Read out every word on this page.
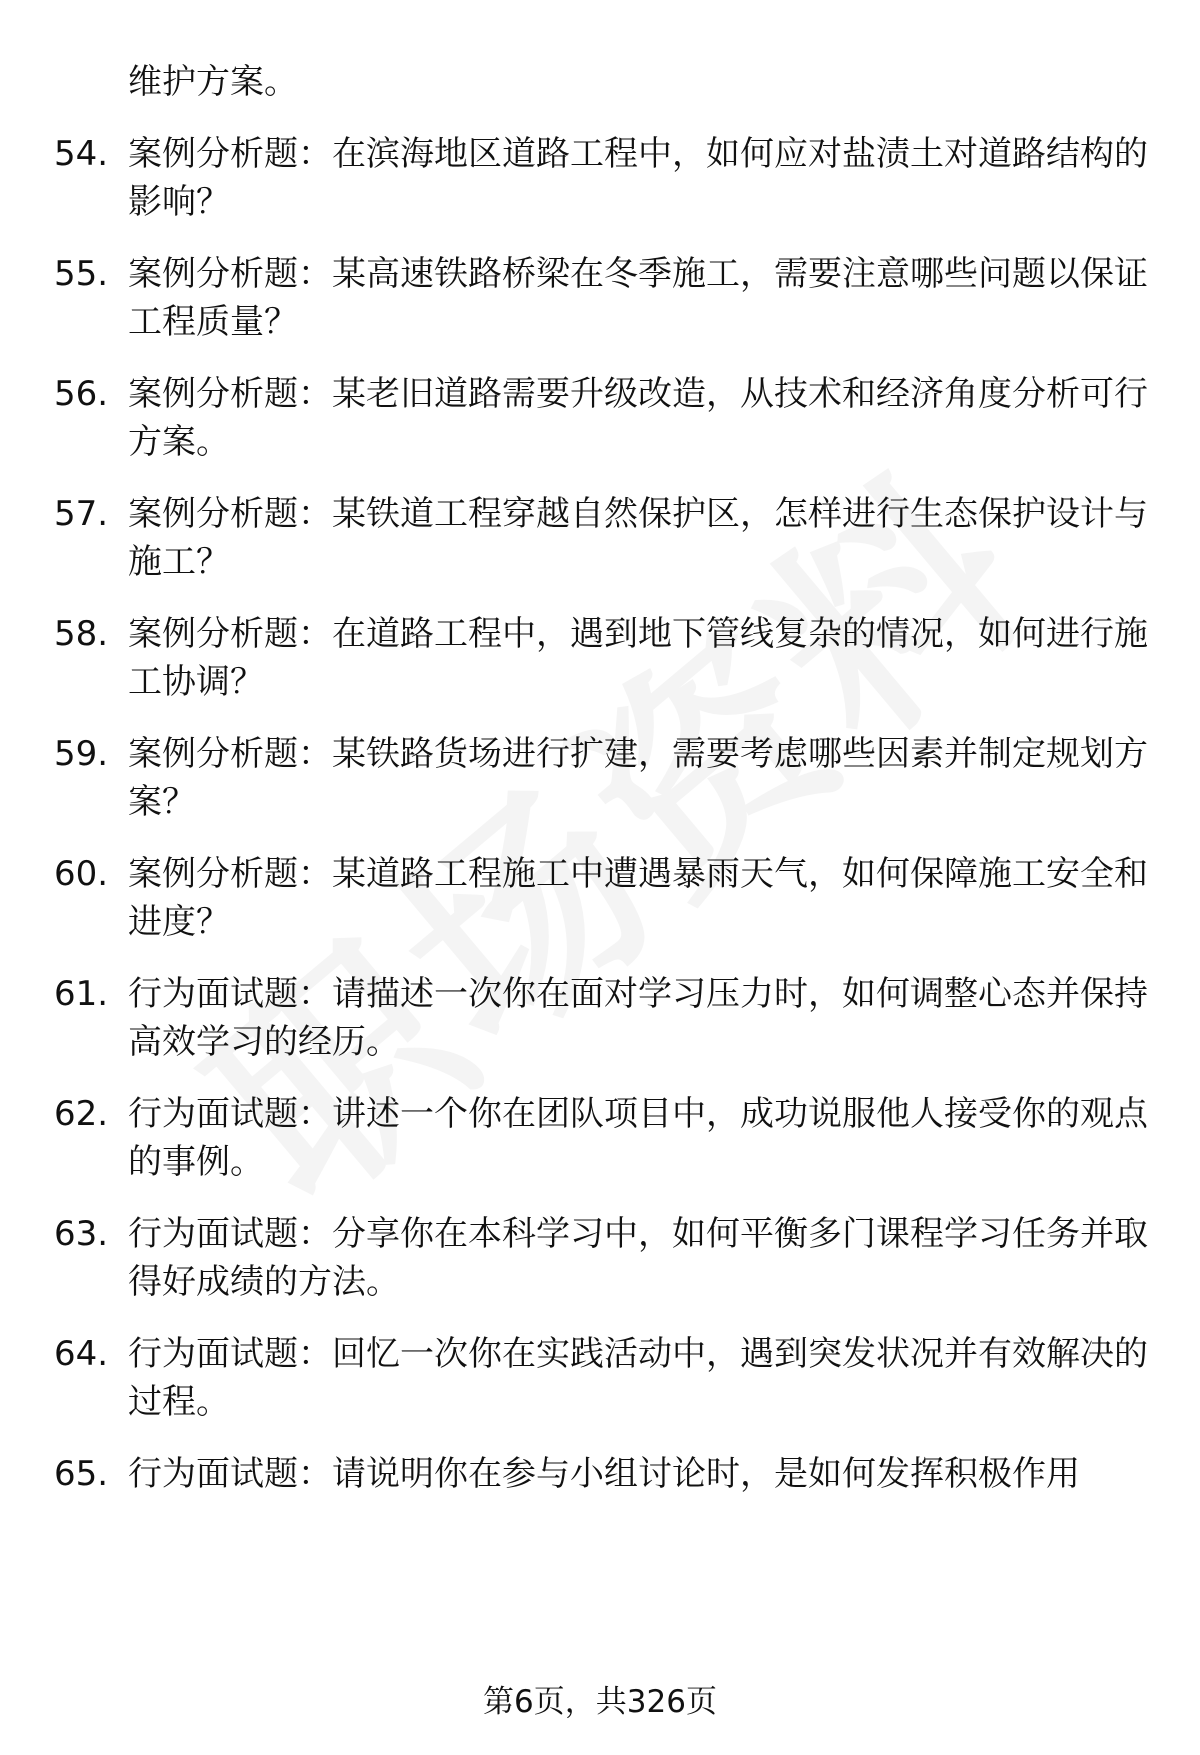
维护方案。
54. 案例分析题：在滨海地区道路工程中，如何应对盐渍土对道路结构的影响？
55. 案例分析题：某高速铁路桥梁在冬季施工，需要注意哪些问题以保证工程质量？
56. 案例分析题：某老旧道路需要升级改造，从技术和经济角度分析可行方案。
57. 案例分析题：某铁道工程穿越自然保护区，怎样进行生态保护设计与施工？
58. 案例分析题：在道路工程中，遇到地下管线复杂的情况，如何进行施工协调？
59. 案例分析题：某铁路货场进行扩建，需要考虑哪些因素并制定规划方案？
60. 案例分析题：某道路工程施工中遭遇暴雨天气，如何保障施工安全和进度？
61. 行为面试题：请描述一次你在面对学习压力时，如何调整心态并保持高效学习的经历。
62. 行为面试题：讲述一个你在团队项目中，成功说服他人接受你的观点的事例。
63. 行为面试题：分享你在本科学习中，如何平衡多门课程学习任务并取得好成绩的方法。
64. 行为面试题：回忆一次你在实践活动中，遇到突发状况并有效解决的过程。
65. 行为面试题：请说明你在参与小组讨论时，是如何发挥积极作用
第6页，共326页
